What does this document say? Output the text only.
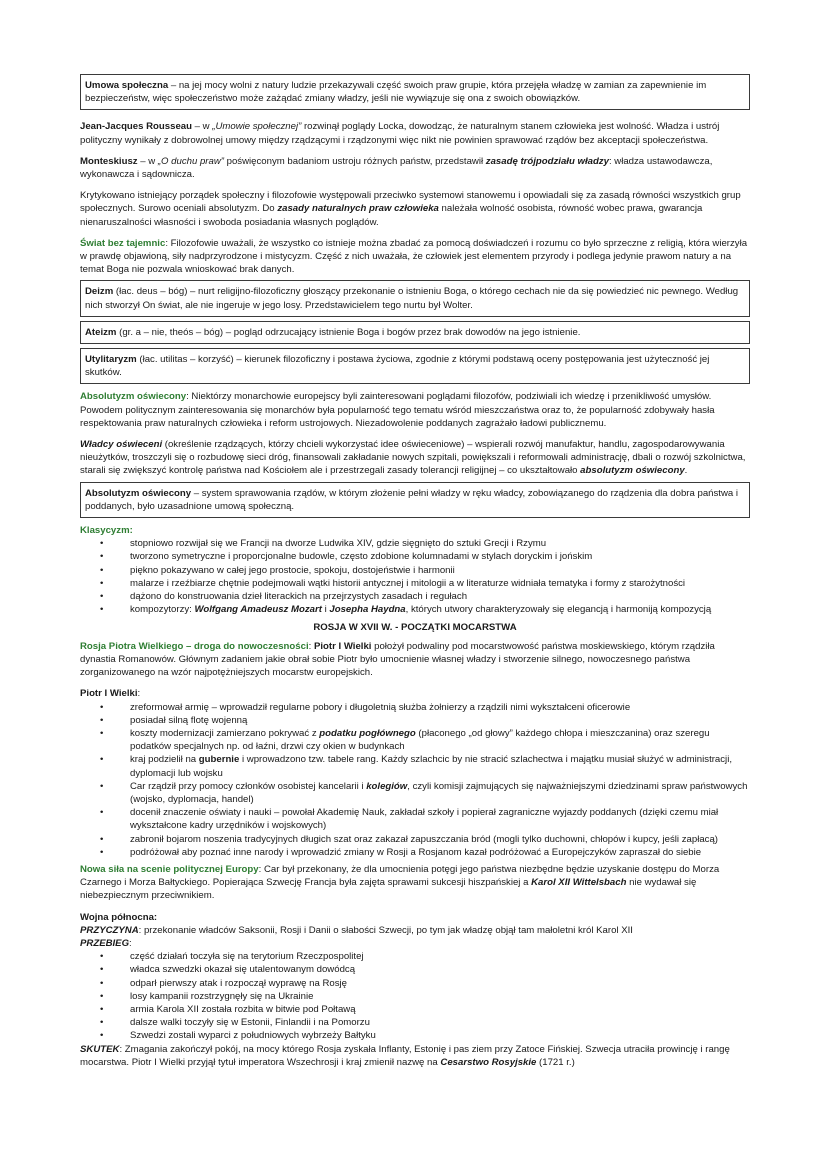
Umowa społeczna – na jej mocy wolni z natury ludzie przekazywali część swoich praw grupie, która przejęła władzę w zamian za zapewnienie im bezpieczeństw, więc społeczeństwo może zażądać zmiany władzy, jeśli nie wywiązuje się ona z swoich obowiązków.

Jean-Jacques Rousseau – w „Umowie społecznej” rozwinął poglądy Locka, dowodząc, że naturalnym stanem człowieka jest wolność. Władza i ustrój polityczny wynikały z dobrowolnej umowy między rządzącymi i rządzonymi więc nikt nie powinien sprawować rządów bez akceptacji społeczeństwa.

Monteskiusz – w „O duchu praw” poświęconym badaniom ustroju różnych państw, przedstawił zasadę trójpodziału władzy: władza ustawodawcza, wykonawcza i sądownicza.

Krytykowano istniejący porządek społeczny i filozofowie występowali przeciwko systemowi stanowemu i opowiadali się za zasadą równości wszystkich grup społecznych. Surowo oceniali absolutyzm. Do zasady naturalnych praw człowieka należała wolność osobista, równość wobec prawa, gwarancja nienaruszalności własności i swoboda posiadania własnych poglądów.

Świat bez tajemnic: Filozofowie uważali, że wszystko co istnieje można zbadać za pomocą doświadczeń i rozumu co było sprzeczne z religią, która wierzyła w prawdę objawioną, siły nadprzyrodzone i mistycyzm. Część z nich uważała, że człowiek jest elementem przyrody i podlega jedynie prawom natury a na temat Boga nie pozwala wnioskować brak danych.

Deizm (łac. deus – bóg) – nurt religijno-filozoficzny głoszący przekonanie o istnieniu Boga, o którego cechach nie da się powiedzieć nic pewnego. Według nich stworzył On świat, ale nie ingeruje w jego losy. Przedstawicielem tego nurtu był Wolter.
Ateizm (gr. a – nie, theós – bóg) – pogląd odrzucający istnienie Boga i bogów przez brak dowodów na jego istnienie.
Utylitaryzm (łac. utilitas – korzyść) – kierunek filozoficzny i postawa życiowa, zgodnie z którymi podstawą oceny postępowania jest użyteczność jej skutków.

Absolutyzm oświecony: Niektórzy monarchowie europejscy byli zainteresowani poglądami filozofów, podziwiali ich wiedzę i przenikliwość umysłów. Powodem politycznym zainteresowania się monarchów była popularność tego tematu wśród mieszczaństwa oraz to, że popularność zdobywały hasła respektowania praw naturalnych człowieka i reform ustrojowych. Niezadowolenie poddanych zagrażało ładowi publicznemu.

Władcy oświeceni (określenie rządzących, którzy chcieli wykorzystać idee oświeceniowe) – wspierali rozwój manufaktur, handlu, zagospodarowywania nieużytków, troszczyli się o rozbudowę sieci dróg, finansowali zakładanie nowych szpitali, powiększali i reformowali administrację, dbali o rozwój szkolnictwa, starali się zwiększyć kontrolę państwa nad Kościołem ale i przestrzegali zasady tolerancji religijnej – co ukształtowało absolutyzm oświecony.

Absolutyzm oświecony – system sprawowania rządów, w którym złożenie pełni władzy w ręku władcy, zobowiązanego do rządzenia dla dobra państwa i poddanych, było uzasadnione umową społeczną.
Klasycyzm:
• stopniowo rozwijał się we Francji na dworze Ludwika XIV, gdzie sięgnięto do sztuki Grecji i Rzymu
• tworzono symetryczne i proporcjonalne budowle, często zdobione kolumnadami w stylach doryckim i jońskim
• piękno pokazywano w całej jego prostocie, spokoju, dostojeństwie i harmonii
• malarze i rzeźbiarze chętnie podejmowali wątki historii antycznej i mitologii a w literaturze widniała tematyka i formy z starożytności
• dążono do konstruowania dzieł literackich na przejrzystych zasadach i regułach
• kompozytorzy: Wolfgang Amadeusz Mozart i Josepha Haydna, których utwory charakteryzowały się elegancją i harmoniją kompozycją
ROSJA W XVII W. - POCZĄTKI MOCARSTWA

Rosja Piotra Wielkiego – droga do nowoczesności: Piotr I Wielki położył podwaliny pod mocarstwowość państwa moskiewskiego, którym rządziła dynastia Romanowów. Głównym zadaniem jakie obrał sobie Piotr było umocnienie własnej władzy i stworzenie silnego, nowoczesnego państwa zorganizowanego na wzór najpotężniejszych mocarstw europejskich.

Piotr I Wielki:
• zreformował armię – wprowadził regularne pobory i długoletnią służba żołnierzy a rządzili nimi wykształceni oficerowie
• posiadał silną flotę wojenną
• koszty modernizacji zamierzano pokrywać z podatku pogłównego (płaconego „od głowy” każdego chłopa i mieszczanina) oraz szeregu podatków specjalnych np. od łaźni, drzwi czy okien w budynkach
• kraj podzielił na gubernie i wprowadzono tzw. tabele rang. Każdy szlachcic by nie stracić szlachectwa i majątku musiał służyć w administracji, dyplomacji lub wojsku
• Car rządził przy pomocy członków osobistej kancelarii i kolegiów, czyli komisji zajmujących się najważniejszymi dziedzinami spraw państwowych (wojsko, dyplomacja, handel)
• docenił znaczenie oświaty i nauki – powołał Akademię Nauk, zakładał szkoły i popierał zagraniczne wyjazdy poddanych (dzięki czemu miał wykształcone kadry urzędników i wojskowych)
• zabronił bojarom noszenia tradycyjnych długich szat oraz zakazał zapuszczania bród (mogli tylko duchowni, chłopów i kupcy, jeśli zapłacą)
• podróżował aby poznać inne narody i wprowadzić zmiany w Rosji a Rosjanom kazał podróżować a Europejczyków zapraszał do siebie

Nowa siła na scenie politycznej Europy: Car był przekonany, że dla umocnienia potęgi jego państwa niezbędne będzie uzyskanie dostępu do Morza Czarnego i Morza Bałtyckiego. Popierająca Szwecję Francja była zajęta sprawami sukcesji hiszpańskiej a Karol XII Wittelsbach nie wydawał się niebezpiecznym przeciwnikiem.

Wojna północna:
PRZYCZYNA: przekonanie władców Saksonii, Rosji i Danii o słabości Szwecji, po tym jak władzę objął tam małoletni król Karol XII
PRZEBIEG:
• część działań toczyła się na terytorium Rzeczpospolitej
• władca szwedzki okazał się utalentowanym dowódcą
• odparł pierwszy atak i rozpoczął wyprawę na Rosję
• losy kampanii rozstrzygnęły się na Ukrainie
• armia Karola XII została rozbita w bitwie pod Połtawą
• dalsze walki toczyły się w Estonii, Finlandii i na Pomorzu
• Szwedzi zostali wyparci z południowych wybrzeży Bałtyku
SKUTEK: Zmagania zakończył pokój, na mocy którego Rosja zyskała Inflanty, Estonię i pas ziem przy Zatoce Fińskiej. Szwecja utraciła prowincję i rangę mocarstwa. Piotr I Wielki przyjął tytuł imperatora Wszechrosji i kraj zmienił nazwę na Cesarstwo Rosyjskie (1721 r.)
